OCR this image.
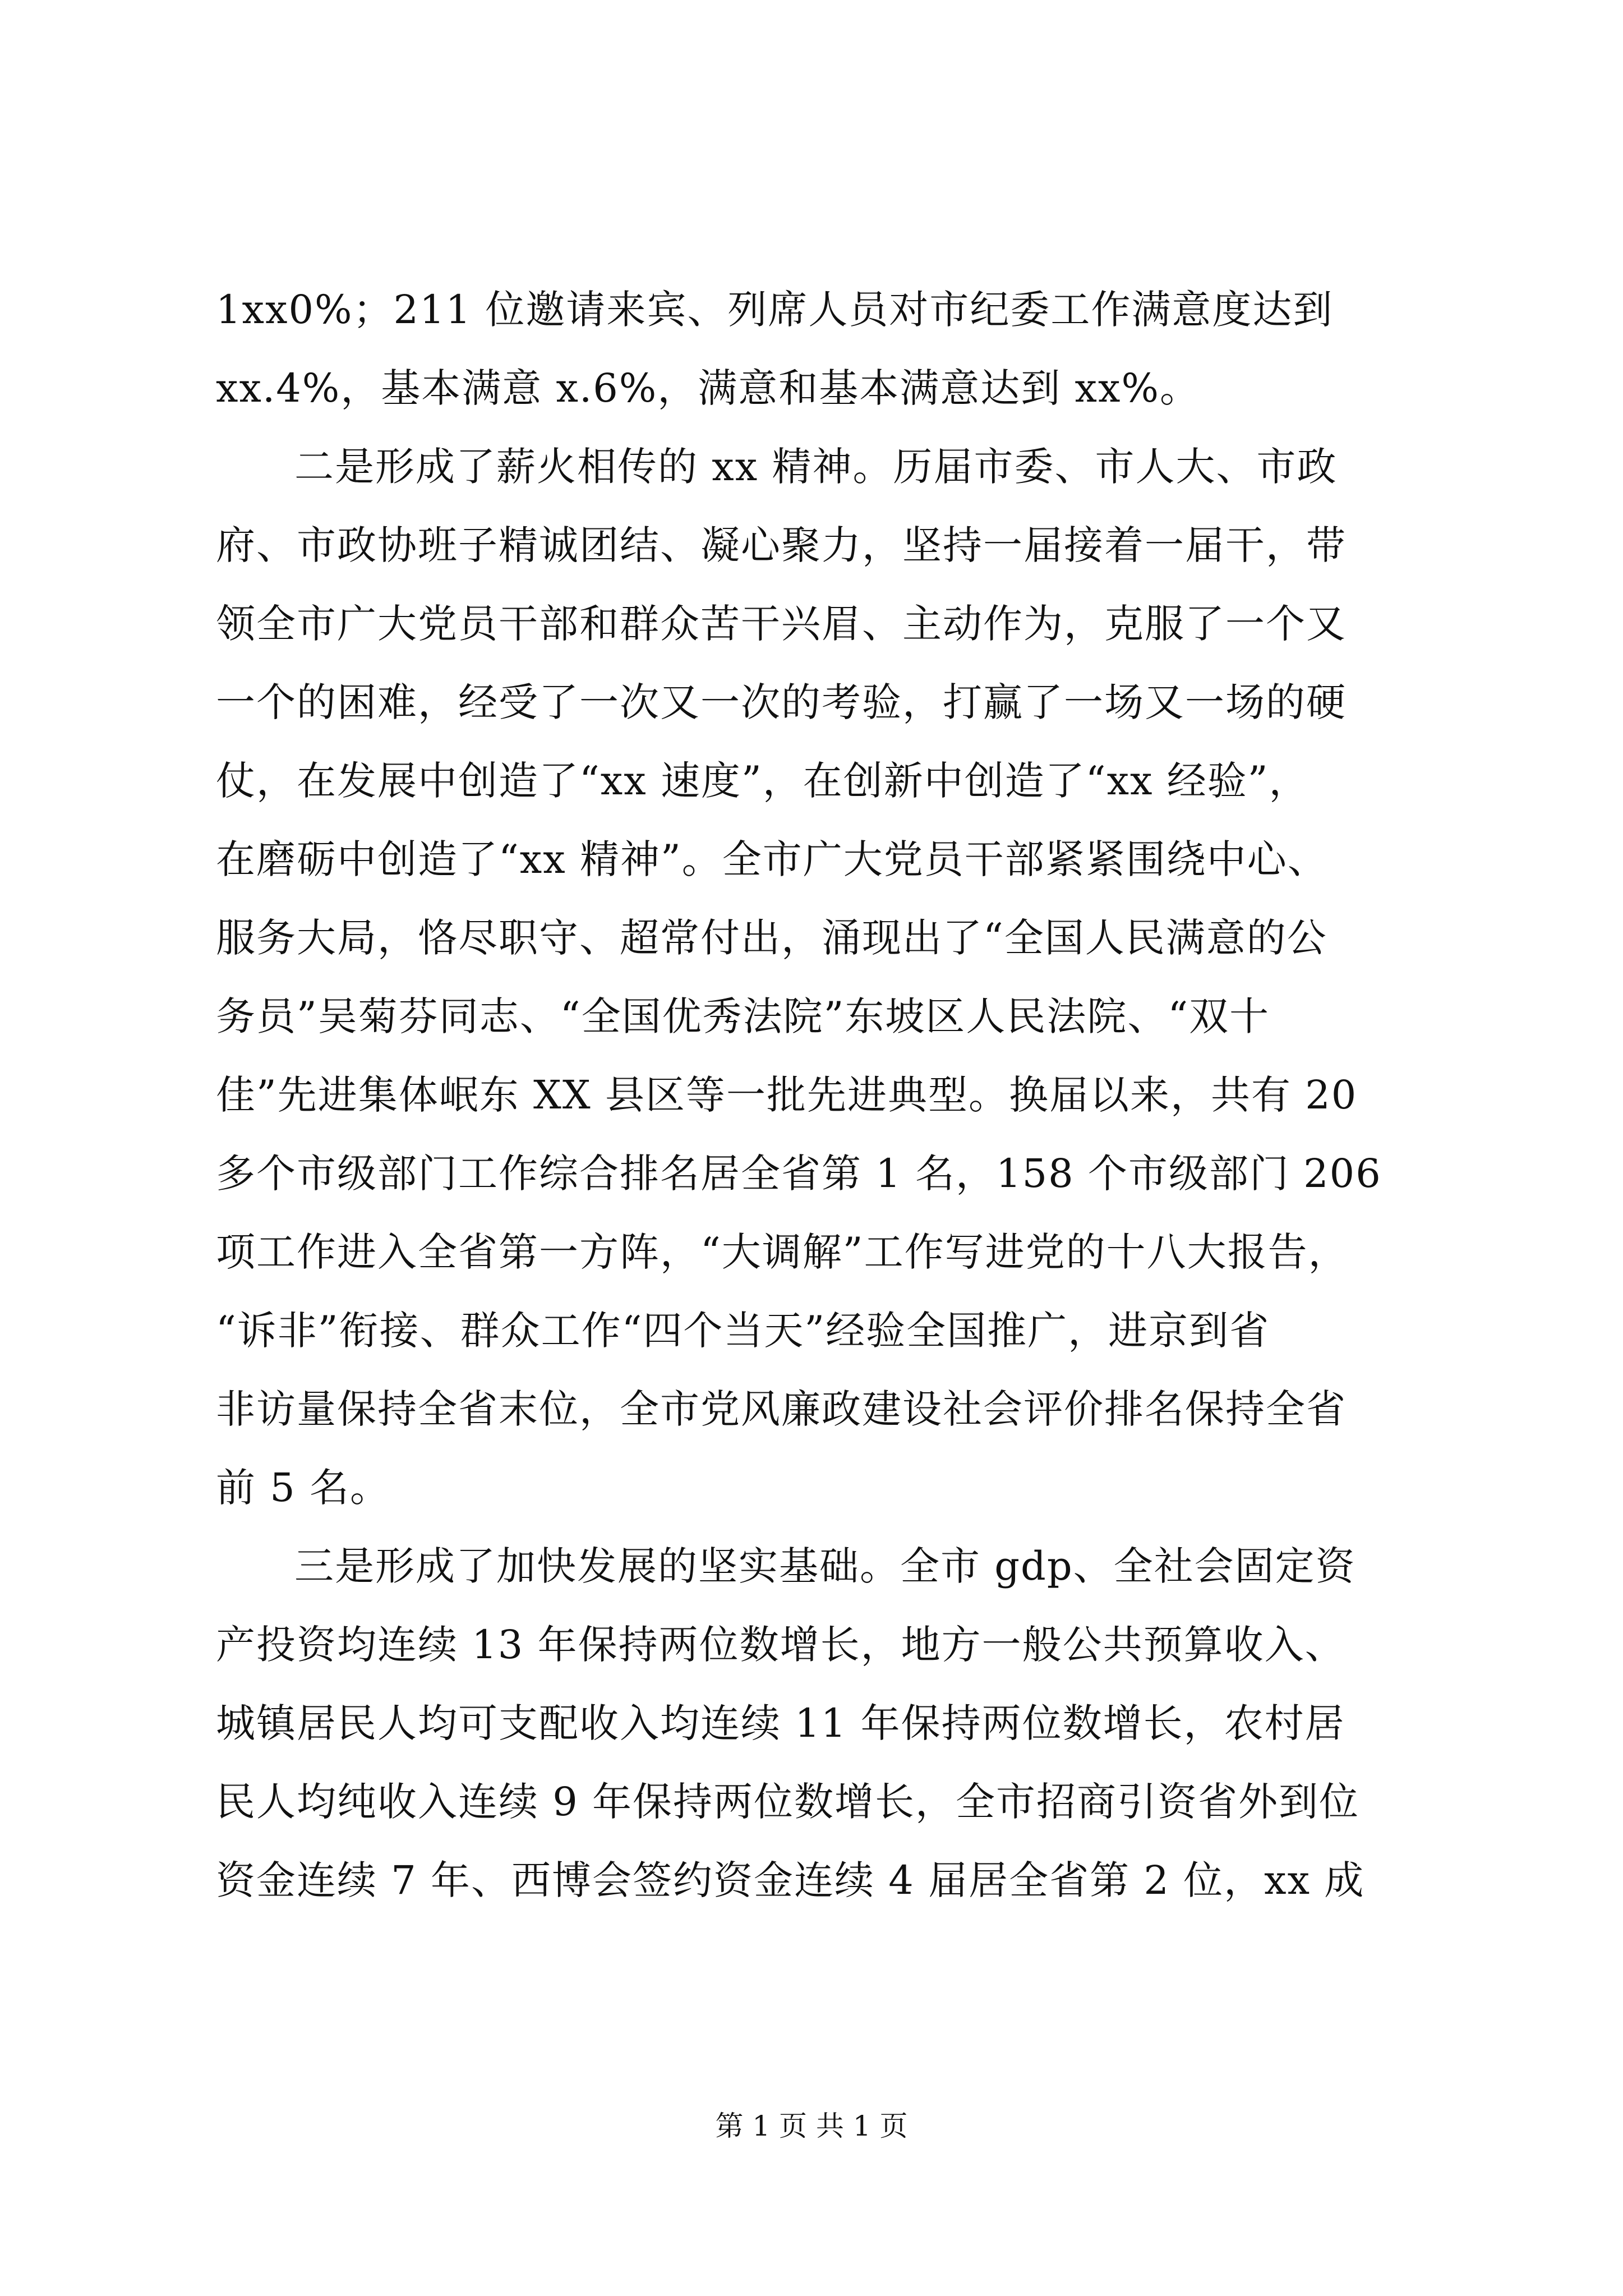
1xx0%；211 位邀请来宾、列席人员对市纪委工作满意度达到
xx.4%，基本满意 x.6%，满意和基本满意达到 xx%。
二是形成了薪火相传的 xx 精神。历届市委、市人大、市政
府、市政协班子精诚团结、凝心聚力，坚持一届接着一届干，带
领全市广大党员干部和群众苦干兴眉、主动作为，克服了一个又
一个的困难，经受了一次又一次的考验，打赢了一场又一场的硬
仗，在发展中创造了“xx 速度”，在创新中创造了“xx 经验”，
在磨砺中创造了“xx 精神”。全市广大党员干部紧紧围绕中心、
服务大局，恪尽职守、超常付出，涌现出了“全国人民满意的公
务员”吴菊芬同志、“全国优秀法院”东坡区人民法院、“双十
佳”先进集体岷东 XX 县区等一批先进典型。换届以来，共有 20
多个市级部门工作综合排名居全省第 1 名，158 个市级部门 206
项工作进入全省第一方阵，“大调解”工作写进党的十八大报告，
“诉非”衔接、群众工作“四个当天”经验全国推广，进京到省
非访量保持全省末位，全市党风廉政建设社会评价排名保持全省
前 5 名。
三是形成了加快发展的坚实基础。全市 gdp、全社会固定资
产投资均连续 13 年保持两位数增长，地方一般公共预算收入、
城镇居民人均可支配收入均连续 11 年保持两位数增长，农村居
民人均纯收入连续 9 年保持两位数增长，全市招商引资省外到位
资金连续 7 年、西博会签约资金连续 4 届居全省第 2 位，xx 成
第 1 页 共 1 页
